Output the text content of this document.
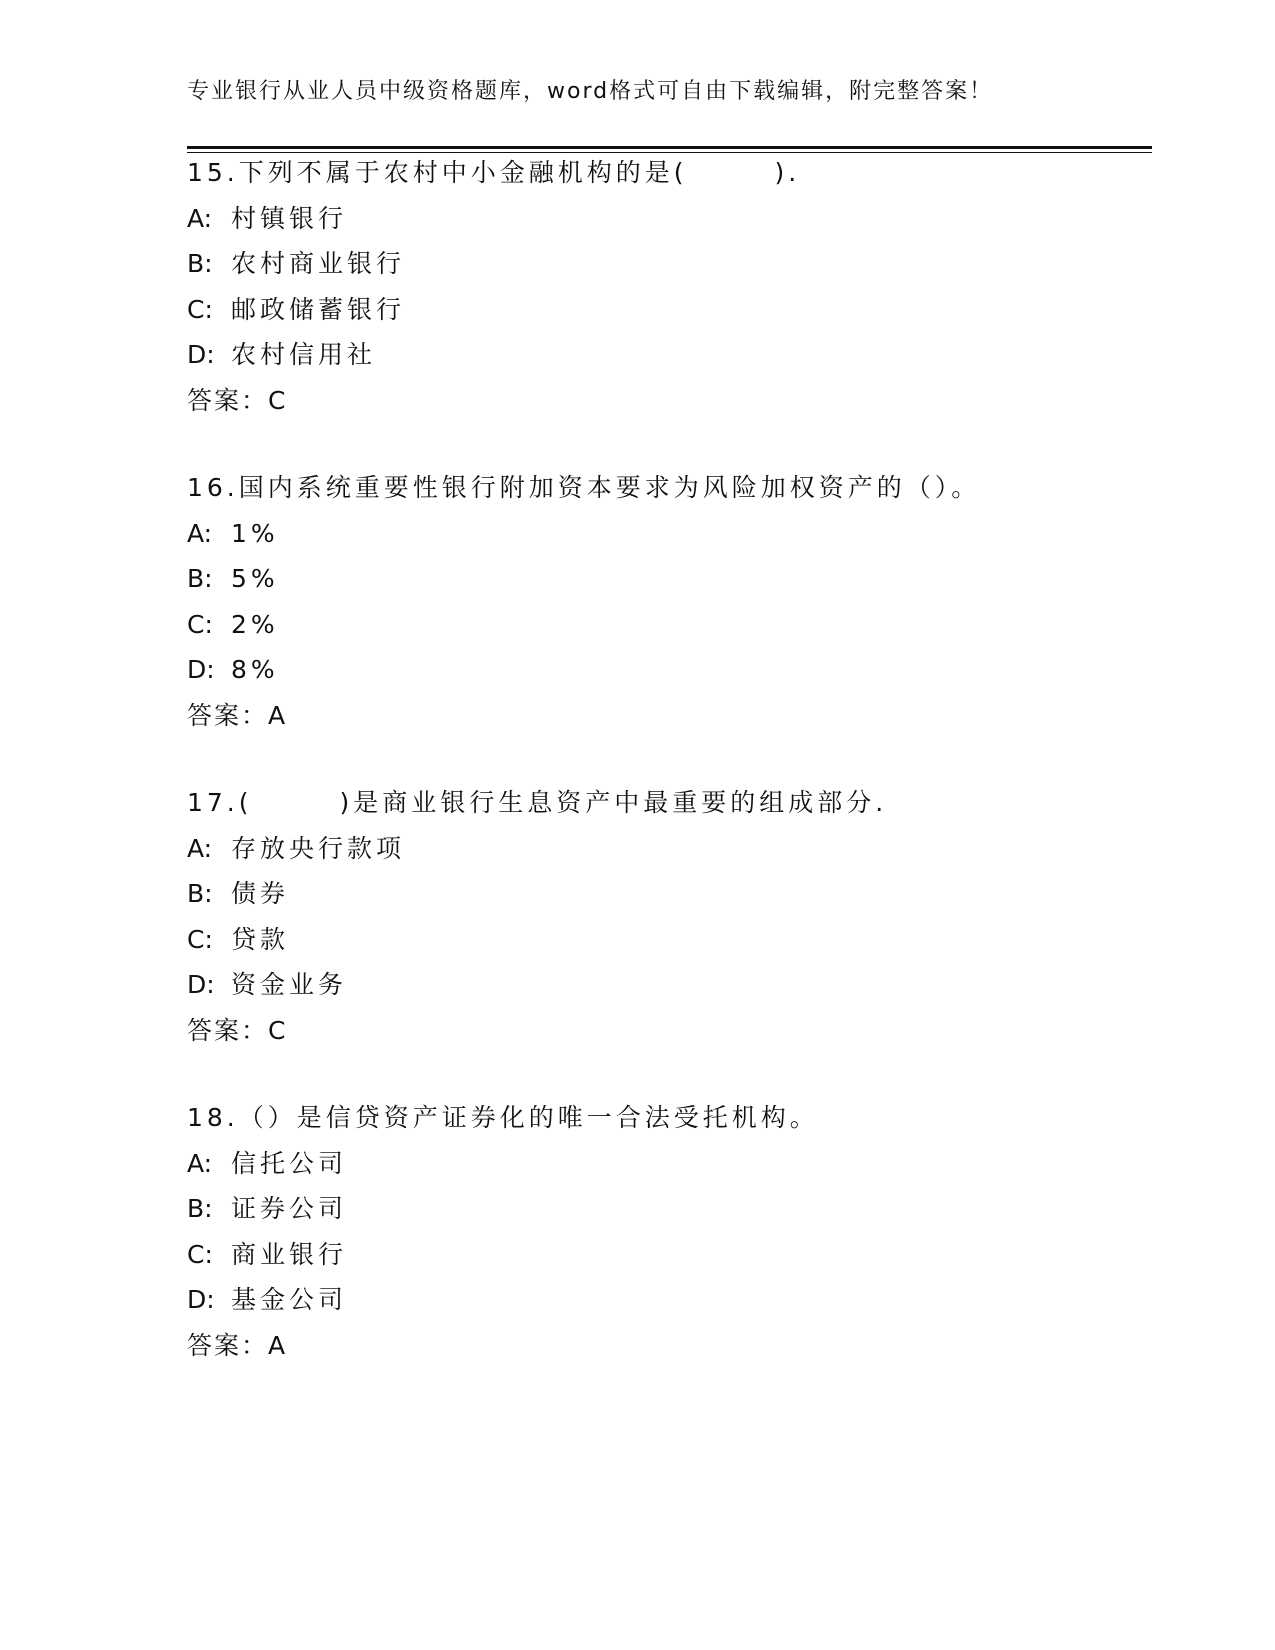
专业银行从业人员中级资格题库，word格式可自由下载编辑，附完整答案！
15.下列不属于农村中小金融机构的是(　　　).
A: 村镇银行
B: 农村商业银行
C: 邮政储蓄银行
D: 农村信用社
答案：C
16.国内系统重要性银行附加资本要求为风险加权资产的（）。
A: 1%
B: 5%
C: 2%
D: 8%
答案：A
17.(　　　)是商业银行生息资产中最重要的组成部分.
A: 存放央行款项
B: 债券
C: 贷款
D: 资金业务
答案：C
18.（）是信贷资产证券化的唯一合法受托机构。
A: 信托公司
B: 证券公司
C: 商业银行
D: 基金公司
答案：A
